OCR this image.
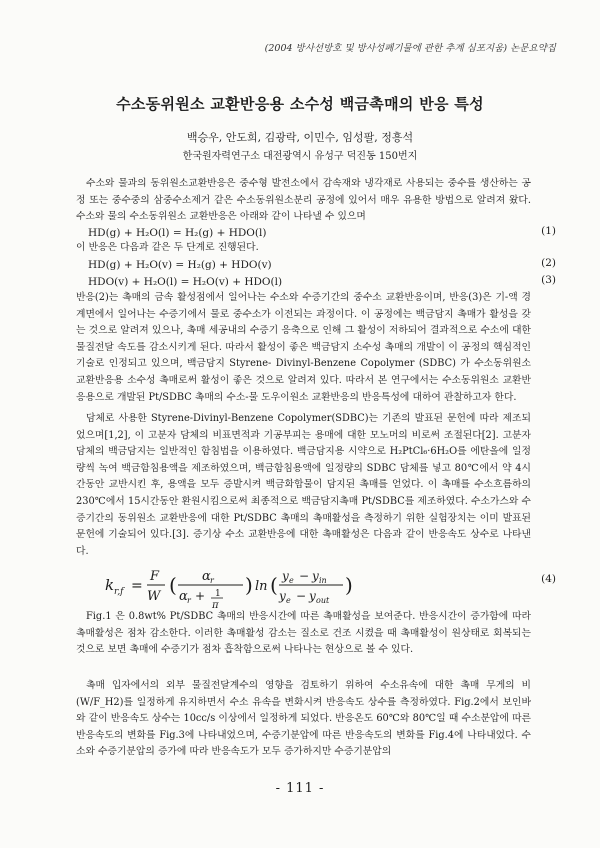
(2004 방사선방호 및 방사성폐기물에 관한 추계 심포지움) 논문요약집
수소동위원소 교환반응용 소수성 백금촉매의 반응 특성
백승우, 안도희, 김광락, 이민수, 임성팔, 정흥석
한국원자력연구소 대전광역시 유성구 덕진동 150번지

수소와 물과의 동위원소교환반응은 중수형 발전소에서 감속재와 냉각재로 사용되는 중수를 생산하는 공정 또는 중수중의 삼중수소제거 같은 수소동위원소분리 공정에 있어서 매우 유용한 방법으로 알려져 왔다. 수소와 물의 수소동위원소 교환반응은 아래와 같이 나타낼 수 있으며

HD(g) + H₂O(l) = H₂(g) + HDO(l)	(1)

이 반응은 다음과 같은 두 단계로 진행된다.

HD(g) + H₂O(v) = H₂(g) + HDO(v)	(2)
HDO(v) + H₂O(l) = H₂O(v) + HDO(l)	(3)

반응(2)는 촉매의 금속 활성점에서 일어나는 수소와 수증기간의 중수소 교환반응이며, 반응(3)은 기-액 경계면에서 일어나는 수증기에서 물로 중수소가 이전되는 과정이다. 이 공정에는 백금담지 촉매가 활성을 갖는 것으로 알려져 있으나, 촉매 세공내의 수증기 응축으로 인해 그 활성이 저하되어 결과적으로 수소에 대한 물질전달 속도를 감소시키게 된다. 따라서 활성이 좋은 백금담지 소수성 촉매의 개발이 이 공정의 핵심적인 기술로 인정되고 있으며, 백금담지 Styrene- Divinyl-Benzene Copolymer (SDBC) 가 수소동위원소 교환반응용 소수성 촉매로써 활성이 좋은 것으로 알려져 있다. 따라서 본 연구에서는 수소동위원소 교환반응용으로 개발된 Pt/SDBC 촉매의 수소-물 도우이원소 교환반응의 반응특성에 대하여 관찰하고자 한다.

담체로 사용한 Styrene-Divinyl-Benzene Copolymer(SDBC)는 기존의 발표된 문헌에 따라 제조되었으며[1,2], 이 고분자 담체의 비표면적과 기공부피는 용매에 대한 모노머의 비로써 조절된다[2]. 고분자 담체의 백금담지는 일반적인 함침법을 이용하였다. 백금담지용 시약으로 H₂PtCl₆·6H₂O를 에탄올에 일정량씩 녹여 백금함침용액을 제조하였으며, 백금함침용액에 일정량의 SDBC 담체를 넣고 80℃에서 약 4시간동안 교반시킨 후, 용액을 모두 증발시켜 백금화합물이 담지된 촉매를 얻었다. 이 촉매를 수소흐름하의 230℃에서 15시간동안 환원시킴으로써 최종적으로 백금담지촉매 Pt/SDBC를 제조하였다. 수소가스와 수증기간의 동위원소 교환반응에 대한 Pt/SDBC 촉매의 촉매활성을 측정하기 위한 실험장치는 이미 발표된 문헌에 기술되어 있다.[3]. 증기상 수소 교환반응에 대한 촉매활성은 다음과 같이 반응속도 상수로 나타낸다.

k r,f =
F
W ( α r
α r + 1
π
) ln ( y e − y in
y e − y out
)	(4)

Fig.1 은 0.8wt% Pt/SDBC 촉매의 반응시간에 따른 촉매활성을 보여준다. 반응시간이 증가함에 따라 촉매활성은 점차 감소한다. 이러한 촉매활성 감소는 질소로 건조 시켰을 때 촉매활성이 원상태로 회복되는 것으로 보면 촉매에 수증기가 점차 흡착함으로써 나타나는 현상으로 볼 수 있다.

촉매 입자에서의 외부 물질전달계수의 영향을 검토하기 위하여 수소유속에 대한 촉매 무게의 비(W/F_H2)를 일정하게 유지하면서 수소 유속을 변화시켜 반응속도 상수를 측정하였다. Fig.2에서 보인바와 같이 반응속도 상수는 10cc/s 이상에서 일정하게 되었다. 반응온도 60℃와 80℃일 때 수소분압에 따른 반응속도의 변화를 Fig.3에 나타내었으며, 수증기분압에 따른 반응속도의 변화를 Fig.4에 나타내었다. 수소와 수증기분압의 증가에 따라 반응속도가 모두 증가하지만 수증기분압의

- 111 -
